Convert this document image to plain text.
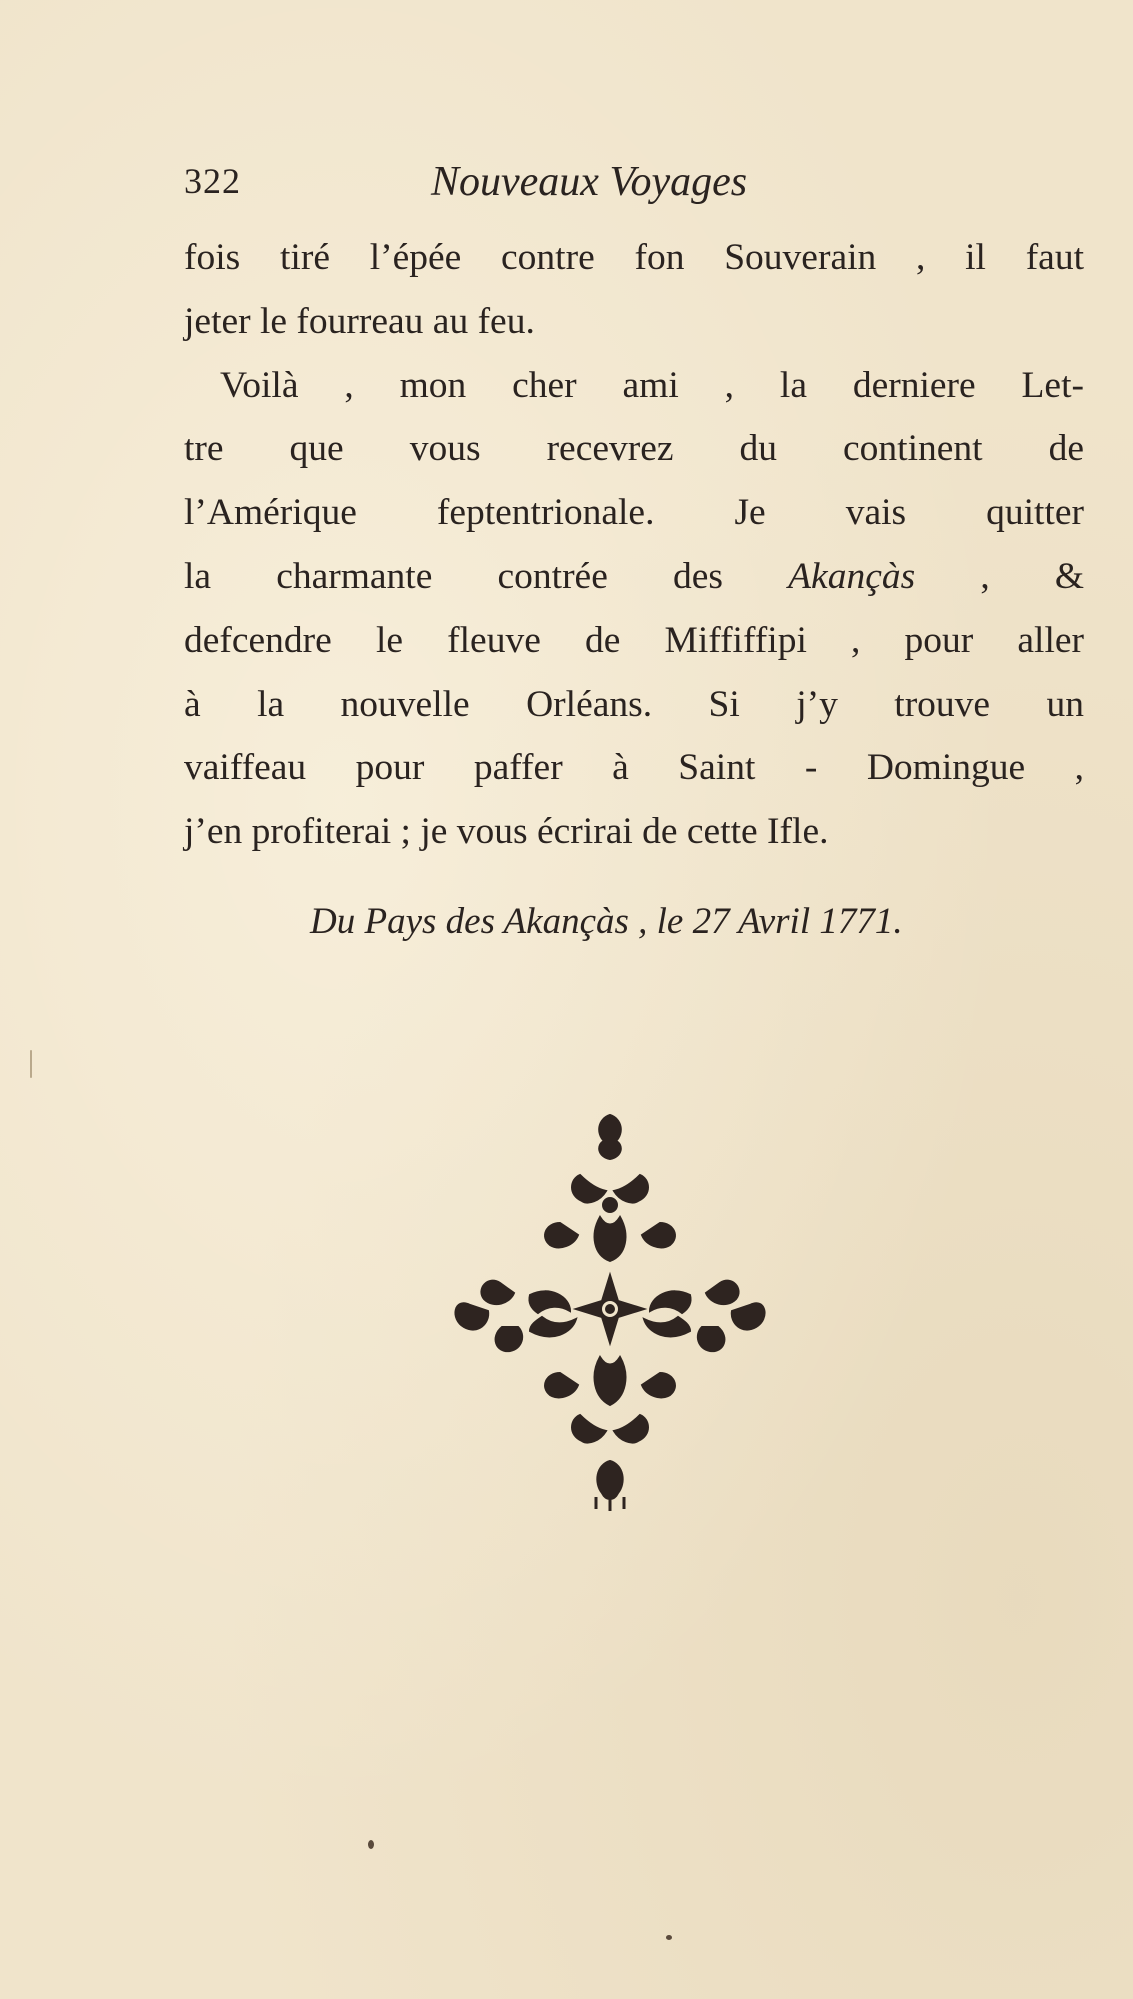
322	Nouveaux Voyages
fois tiré l’épée contre fon Souverain , il faut
jeter le fourreau au feu.
Voilà , mon cher ami , la derniere Let-
tre que vous recevrez du continent de
l’Amérique feptentrionale. Je vais quitter
la charmante contrée des Akançàs , &
defcendre le fleuve de Miffiffipi , pour aller
à la nouvelle Orléans. Si j’y trouve un
vaiffeau pour paffer à Saint - Domingue ,
j’en profiterai ; je vous écrirai de cette Ifle.
Du Pays des Akançàs , le 27 Avril 1771.
